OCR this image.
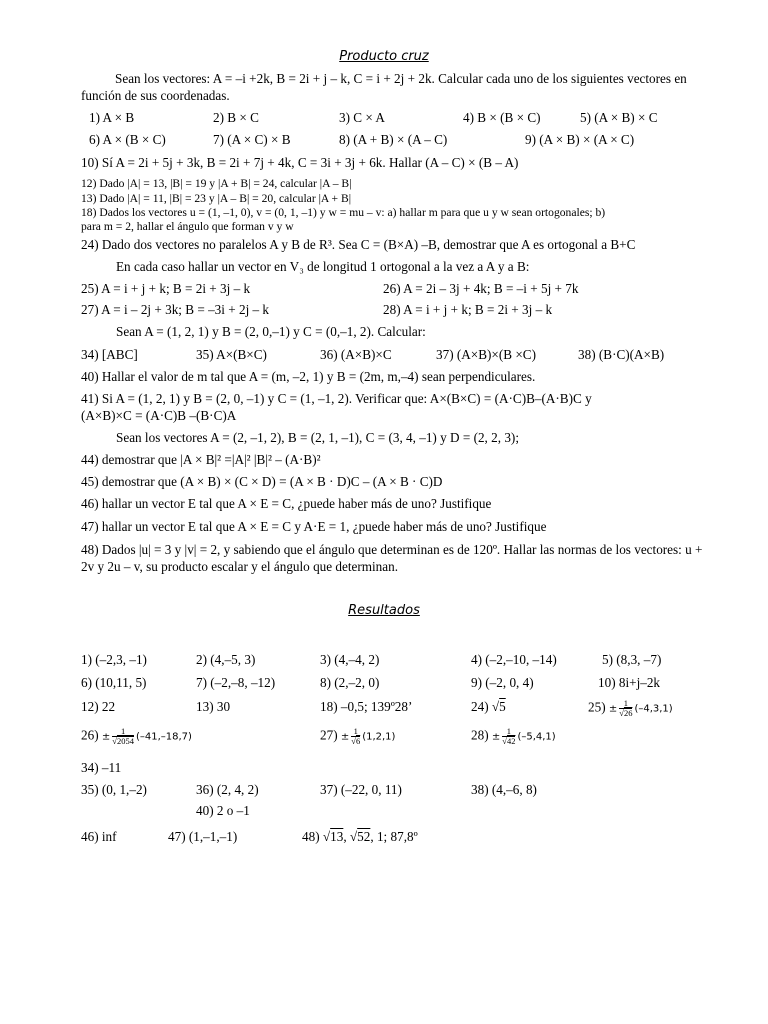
Producto cruz
Sean los vectores: A = –i +2k, B = 2i + j – k, C = i + 2j + 2k. Calcular cada uno de los siguientes vectores en función de sus coordenadas.
1) A × B	2) B × C	3) C × A	4) B × (B × C)	5) (A × B) × C
6) A × (B × C)	7) (A × C) × B	8) (A + B) × (A – C)	9) (A × B) × (A × C)
10) Sí A = 2i + 5j + 3k, B = 2i + 7j + 4k, C = 3i + 3j + 6k. Hallar (A – C) × (B – A)
12) Dado |A| = 13, |B| = 19 y |A + B| = 24, calcular |A – B|
13) Dado |A| = 11, |B| = 23 y |A – B| = 20, calcular |A + B|
18) Dados los vectores u = (1, –1, 0), v = (0, 1, –1) y w = mu – v: a) hallar m para que u y w sean ortogonales; b)
para m = 2, hallar el ángulo que forman v y w
24) Dado dos vectores no paralelos A y B de R³. Sea C = (B×A) –B, demostrar que A es ortogonal a B+C
En cada caso hallar un vector en V₃ de longitud 1 ortogonal a la vez a A y a B:
25) A = i + j + k; B = 2i + 3j – k	26) A = 2i – 3j + 4k; B = –i + 5j + 7k
27) A = i – 2j + 3k; B = –3i + 2j – k	28) A = i + j + k; B = 2i + 3j – k
Sean A = (1, 2, 1) y B = (2, 0,–1) y C = (0,–1, 2). Calcular:
34) [ABC]	35) A×(B×C)	36) (A×B)×C	37) (A×B)×(B ×C)	38) (B·C)(A×B)
40) Hallar el valor de m tal que A = (m, –2, 1) y B = (2m, m,–4) sean perpendiculares.
41) Si A = (1, 2, 1) y B = (2, 0, –1) y C = (1, –1, 2). Verificar que: A×(B×C) = (A·C)B–(A·B)C y
(A×B)×C = (A·C)B –(B·C)A
Sean los vectores A = (2, –1, 2), B = (2, 1, –1), C = (3, 4, –1) y D = (2, 2, 3);
44) demostrar que |A × B|² =|A|² |B|² – (A·B)²
45) demostrar que (A × B) × (C × D) = (A × B · D)C – (A × B · C)D
46) hallar un vector E tal que A × E = C, ¿puede haber más de uno? Justifique
47) hallar un vector E tal que A × E = C y A·E = 1, ¿puede haber más de uno? Justifique
48) Dados |u| = 3 y |v| = 2, y sabiendo que el ángulo que determinan es de 120º. Hallar las normas de los vectores: u + 2v y 2u – v, su producto escalar y el ángulo que determinan.
Resultados
1) (–2,3, –1)	2) (4,–5, 3)	3) (4,–4, 2)	4) (–2,–10, –14)	5) (8,3, –7)
6) (10,11, 5)	7) (–2,–8, –12)	8) (2,–2, 0)	9) (–2, 0, 4)	10) 8i+j–2k
12) 22	13) 30	18) –0,5; 139º28’	24) √5	$25) \pm \frac{1}{√26} (-4,3,1)$
$26) \pm \frac{1}{√2054} (-41,-18,7)$	$27) \pm \frac{1}{√6} (1,2,1)$	$28) \pm \frac{1}{√42} (-5,4,1)$
34) –11
35) (0, 1,–2)	36) (2, 4, 2)	37) (–22, 0, 11)	38) (4,–6, 8)
40) 2 o –1
46) inf	47) (1,–1,–1)	48) √13, √52, 1; 87,8º
